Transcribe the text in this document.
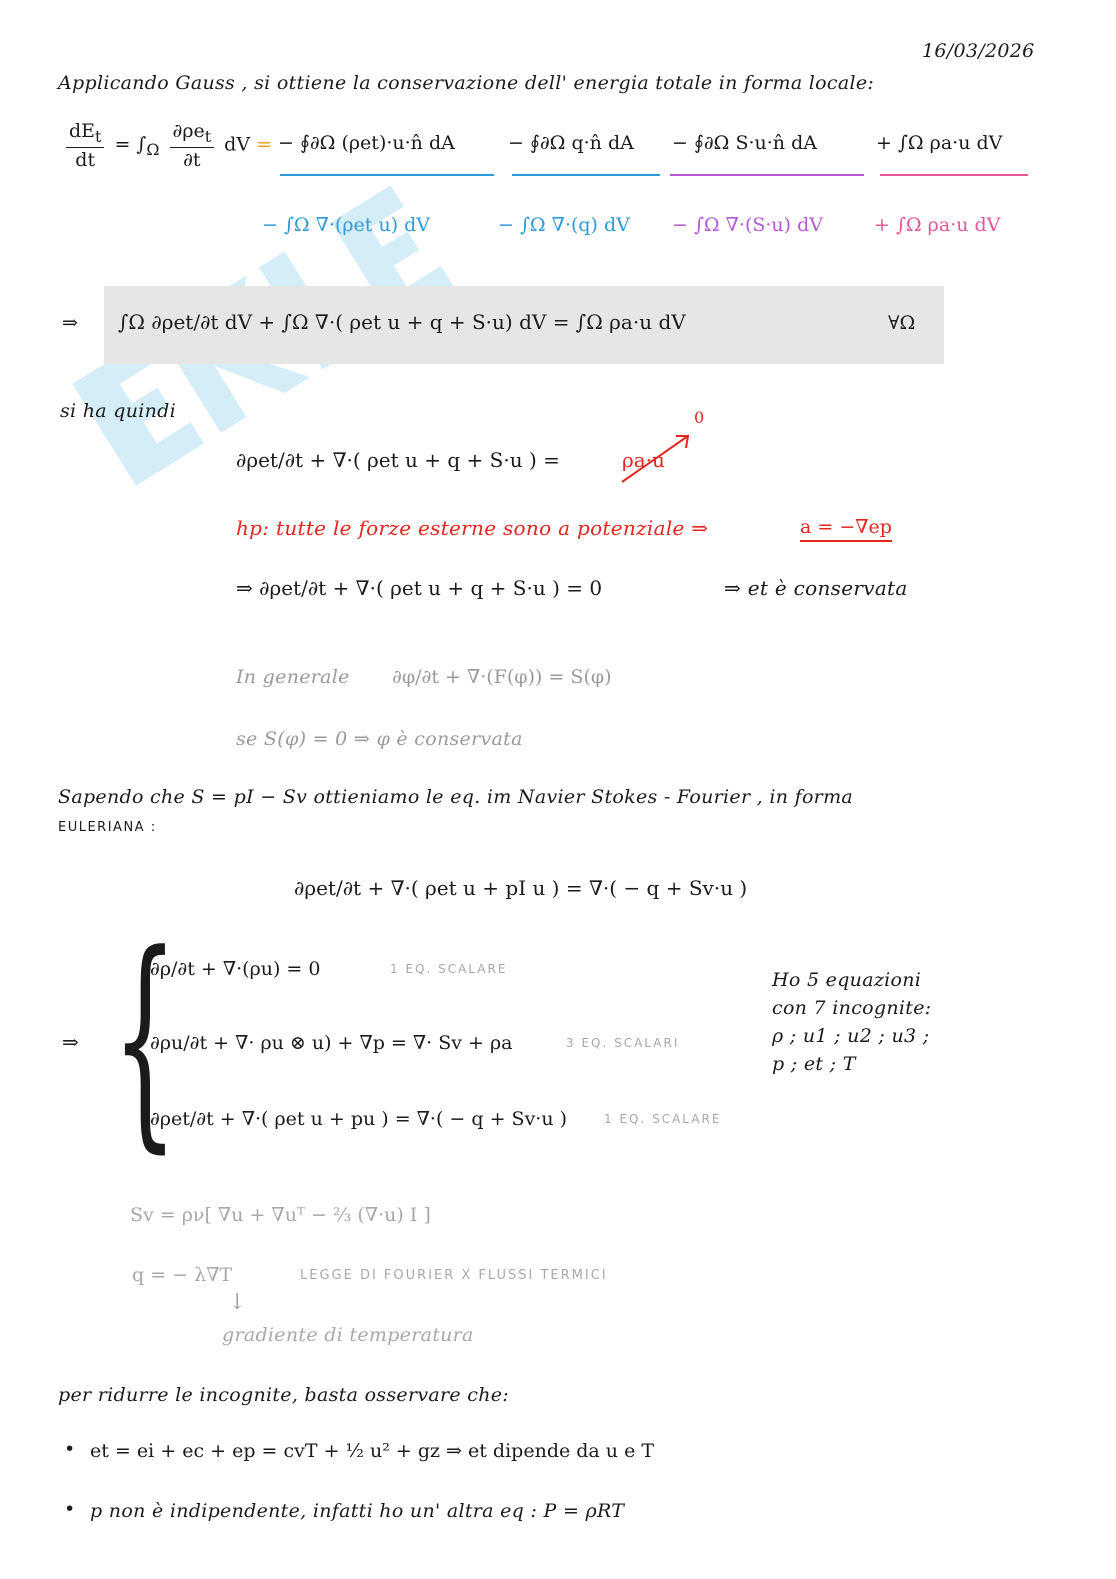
16/03/2026
Applicando Gauss , si ottiene la conservazione dell' energia totale in forma locale:
$\frac{dE_t}{dt} = \int_\Omega \frac{\partial\rho e_t}{\partial t}$ dV = − ∮∂Ω (ρet)·u·n̂ dA	− ∮∂Ω q·n̂ dA − ∮∂Ω S·u·n̂ dA	+ ∫Ω ρa·u dV
− ∫Ω ∇·(ρet u) dV	− ∫Ω ∇·(q) dV − ∫Ω ∇·(S·u) dV	+ ∫Ω ρa·u dV
⇒ ∫Ω ∂ρet/∂t dV + ∫Ω ∇·( ρet u + q + S·u) dV = ∫Ω ρa·u dV	∀Ω
si ha quindi
∂ρet/∂t + ∇·( ρet u + q + S·u ) =	ρa·u
0
hp: tutte le forze esterne sono a potenziale ⇒	a = −∇ep
⇒ ∂ρet/∂t + ∇·( ρet u + q + S·u ) = 0	⇒ et è conservata
In generale ∂φ/∂t + ∇·(F(φ)) = S(φ)
se S(φ) = 0 ⇒ φ è conservata
Sapendo che S = pI − Sv ottieniamo le eq. im Navier Stokes - Fourier , in forma
EULERIANA :
∂ρet/∂t + ∇·( ρet u + pI u ) = ∇·( − q + Sv·u )
⇒ {
∂ρ/∂t + ∇·(ρu) = 0	1 EQ. SCALARE
∂ρu/∂t + ∇· ρu ⊗ u) + ∇p = ∇· Sv + ρa	3 EQ. SCALARI
∂ρet/∂t + ∇·( ρet u + pu ) = ∇·( − q + Sv·u )	1 EQ. SCALARE
Ho 5 equazioni
con 7 incognite:
ρ ; u1 ; u2 ; u3 ;
p ; et ; T
Sv = ρν[ ∇u + ∇uᵀ − ⅔ (∇·u) I ]
q = − λ∇T	LEGGE DI FOURIER X FLUSSI TERMICI
↓
gradiente di temperatura
per ridurre le incognite, basta osservare che:
• et = ei + ec + ep = cvT + ½ u² + gz ⇒ et dipende da u e T
• p non è indipendente, infatti ho un' altra eq : P = ρRT
